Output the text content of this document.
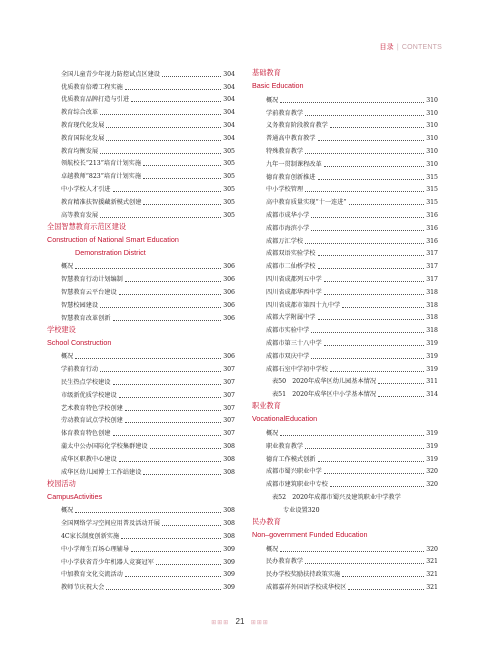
目录 | CONTENTS
全国儿童青少年视力防控试点区建设	304
优质教育倍增工程实施	304
优质教育品牌打造与引进	304
教育综合改革	304
教育现代化发展	304
教育国际化发展	304
教育均衡发展	305
领航校长“213”培育计划实施	305
卓越教师“823”培育计划实施	305
中小学校人才引进	305
教育精准扶智援藏新模式创建	305
高等教育发展	305
全国智慧教育示范区建设
Construction of National Smart Education
Demonstration District
概况	306
智慧教育行动计划编制	306
智慧教育云平台建设	306
智慧校园建设	306
智慧教育改革创新	306
学校建设
School Construction
概况	306
学前教育行动	307
民生热点学校建设	307
市级新优质学校建设	307
艺术教育特色学校创建	307
劳动教育试点学校创建	307
体育教育特色创建	307
蒲太中公办国际化学校集群建设	308
成华区职教中心建设	308
成华区幼儿园博士工作站建设	308
校园活动
CampusActivities
概况	308
全国网络学习空间应用普及活动开展	308
4C家长制度创新实施	308
中小学师生百场心理辅导	309
中小学获省青少年机器人竞赛冠军	309
中加教育文化交流活动	309
教师节庆祝大会	309
基础教育
Basic Education
概况	310
学前教育教学	310
义务教育阶段教育教学	310
普通高中教育教学	310
特殊教育教学	310
九年一贯制课程改革	310
德育教育创新推进	315
中小学校管理	315
高中教育质量实现“十一连进”	315
成都市成华小学	316
成都市海滨小学	316
成都万汇学校	316
成都双语实验学校	317
成都市二仙桥学校	317
四川省成都列五中学	317
四川省成都华西中学	318
四川省成都市第四十九中学	318
成都大学附属中学	318
成都市实验中学	318
成都市第三十八中学	319
成都市双庆中学	319
成都石室中学初中学校	319
表50　2020年成华区幼儿园基本情况	311
表51　2020年成华区中小学基本情况	314
职业教育
VocationalEducation
概况	319
职业教育教学	319
德育工作模式创新	319
成都市蜀兴职业中学	320
成都市建筑职业中专校	320
表52　2020年成都市蜀兴及建筑职业中学教学
专业设置 320
民办教育
Non–government Funded Education
概况	320
民办教育教学	321
民办学校奖励扶持政策实施	321
成都嘉祥外国语学校成华校区	321
⊞⊞⊞ 21 ⊞⊞⊞
